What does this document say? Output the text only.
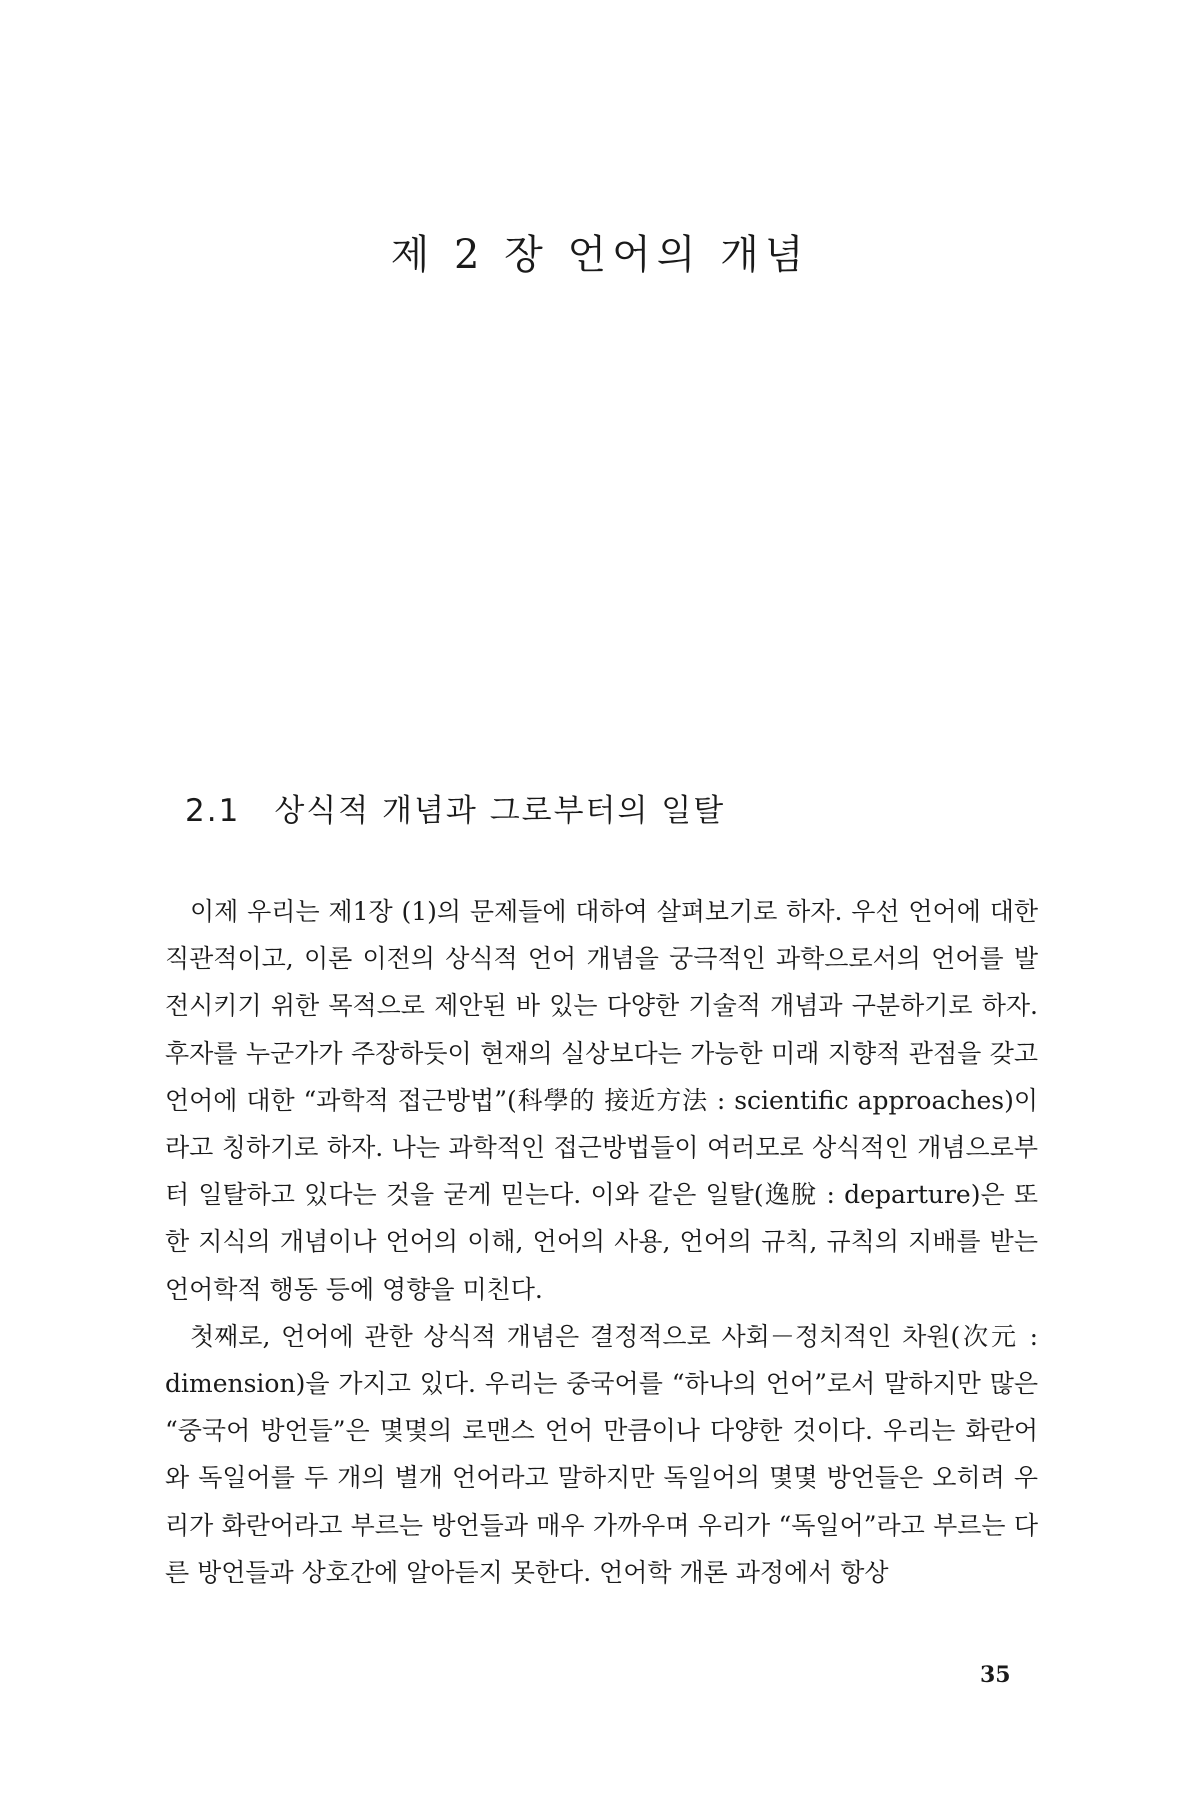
제 2 장 언어의 개념
2.1 상식적 개념과 그로부터의 일탈

이제 우리는 제1장 (1)의 문제들에 대하여 살펴보기로 하자. 우선 언어에 대한 직관적이고, 이론 이전의 상식적 언어 개념을 궁극적인 과학으로서의 언어를 발전시키기 위한 목적으로 제안된 바 있는 다양한 기술적 개념과 구분하기로 하자. 후자를 누군가가 주장하듯이 현재의 실상보다는 가능한 미래 지향적 관점을 갖고 언어에 대한 “과학적 접근방법”(科學的 接近方法 : scientific approaches)이라고 칭하기로 하자. 나는 과학적인 접근방법들이 여러모로 상식적인 개념으로부터 일탈하고 있다는 것을 굳게 믿는다. 이와 같은 일탈(逸脫 : departure)은 또한 지식의 개념이나 언어의 이해, 언어의 사용, 언어의 규칙, 규칙의 지배를 받는 언어학적 행동 등에 영향을 미친다.

첫째로, 언어에 관한 상식적 개념은 결정적으로 사회－정치적인 차원(次元 : dimension)을 가지고 있다. 우리는 중국어를 “하나의 언어”로서 말하지만 많은 “중국어 방언들”은 몇몇의 로맨스 언어 만큼이나 다양한 것이다. 우리는 화란어와 독일어를 두 개의 별개 언어라고 말하지만 독일어의 몇몇 방언들은 오히려 우리가 화란어라고 부르는 방언들과 매우 가까우며 우리가 “독일어”라고 부르는 다른 방언들과 상호간에 알아듣지 못한다. 언어학 개론 과정에서 항상

35
